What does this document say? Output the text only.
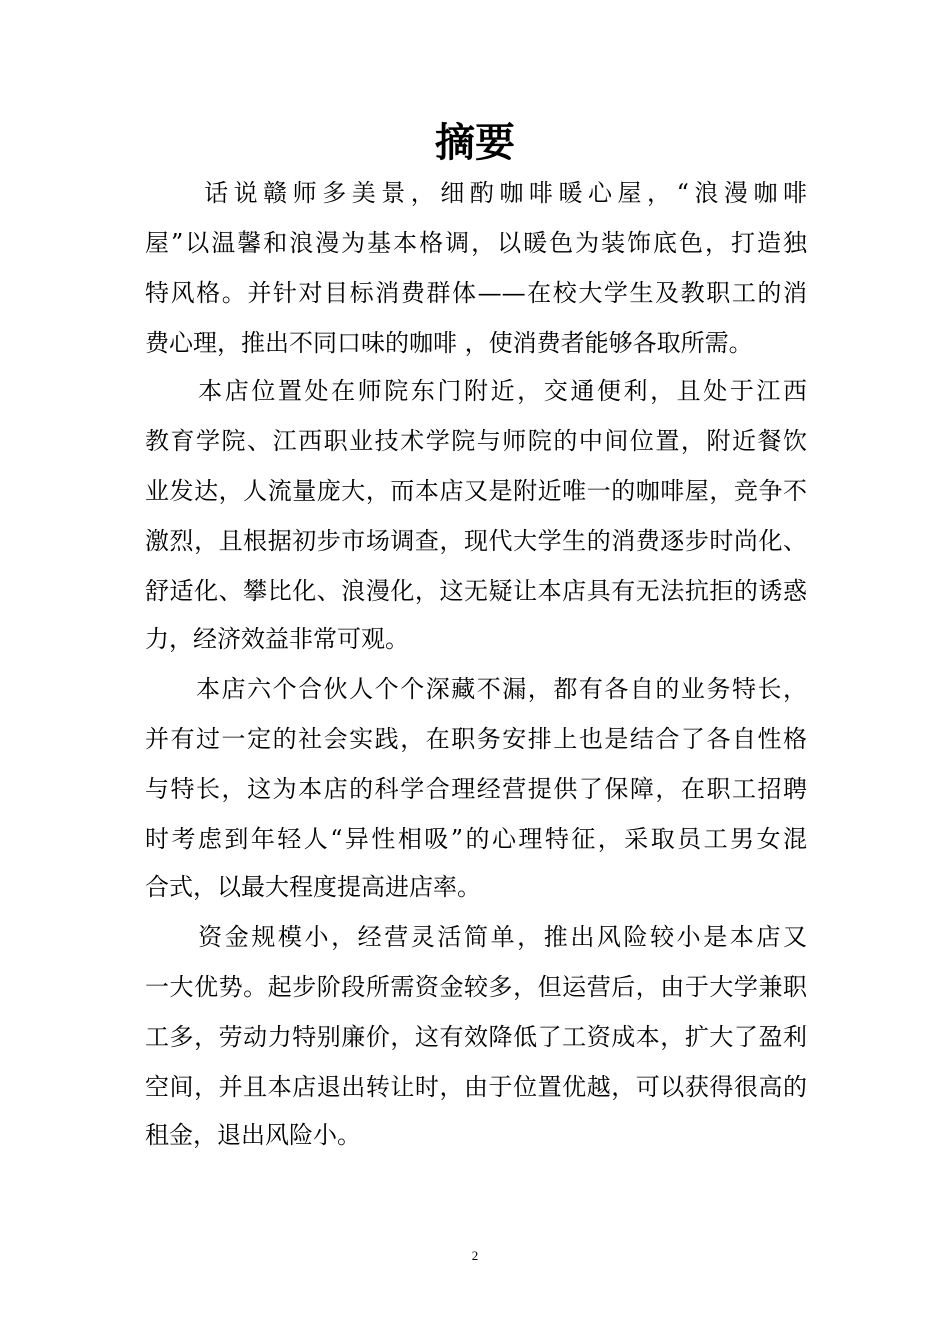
摘要
　　话说赣师多美景，细酌咖啡暖心屋，“浪漫咖啡
屋”以温馨和浪漫为基本格调，以暖色为装饰底色，打造独
特风格。并针对目标消费群体——在校大学生及教职工的消
费心理，推出不同口味的咖啡 ，使消费者能够各取所需。
　　本店位置处在师院东门附近，交通便利，且处于江西
教育学院、江西职业技术学院与师院的中间位置，附近餐饮
业发达，人流量庞大，而本店又是附近唯一的咖啡屋，竞争不
激烈，且根据初步市场调查，现代大学生的消费逐步时尚化、
舒适化、攀比化、浪漫化，这无疑让本店具有无法抗拒的诱惑
力，经济效益非常可观。
　　本店六个合伙人个个深藏不漏，都有各自的业务特长，
并有过一定的社会实践，在职务安排上也是结合了各自性格
与特长，这为本店的科学合理经营提供了保障，在职工招聘
时考虑到年轻人“异性相吸”的心理特征，采取员工男女混
合式，以最大程度提高进店率。
　　资金规模小，经营灵活简单，推出风险较小是本店又
一大优势。起步阶段所需资金较多，但运营后，由于大学兼职
工多，劳动力特别廉价，这有效降低了工资成本，扩大了盈利
空间，并且本店退出转让时，由于位置优越，可以获得很高的
租金，退出风险小。
2
